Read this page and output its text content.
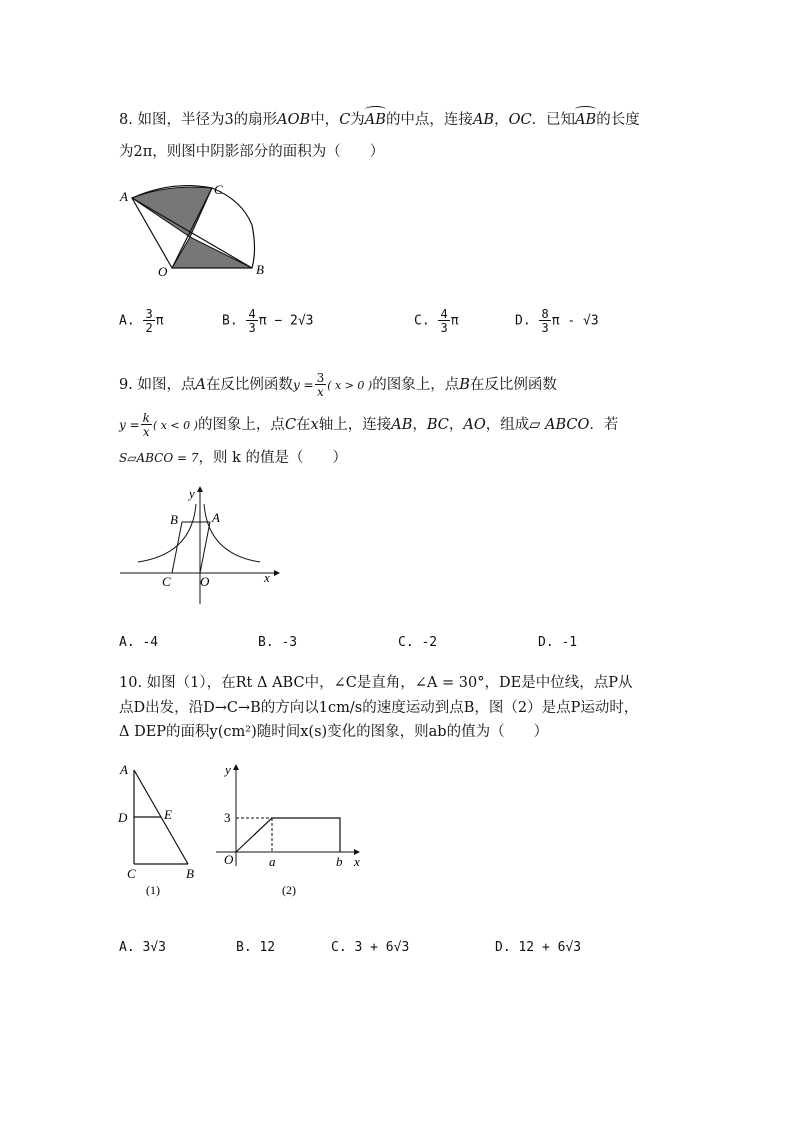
8. 如图，半径为3的扇形AOB中，C为
AB的中点，连接AB，OC．已知
AB的长度
为2π，则图中阴影部分的面积为（　　）
A	C
O	B
A. $\frac{3}{2}$ π	B. $\frac{4}{3}$ π − 2√3	C. $\frac{4}{3}$ π	D. $\frac{8}{3}$ π - √3
9. 如图，点A在反比例函数$y = \frac{3}{x}$ ( x > 0 )的图象上，点B在反比例函数
$y = \frac{k}{x}$ ( x < 0 )的图象上，点C在x轴上，连接AB，BC，AO，组成▱ ABCO．若
S▱ABCO = 7，则 k 的值是（　　）
y
B	A
C O	x
A. -4	B. -3	C. -2	D. -1
10. 如图（1），在Rt Δ ABC中，∠C是直角，∠A = 30°，DE是中位线，点P从
点D出发，沿D→C→B的方向以1cm/s的速度运动到点B，图（2）是点P运动时，
Δ DEP的面积y(cm²)随时间x(s)变化的图象，则ab的值为（　　）
A
D	E
C	B
(1)
y
3
O	a	b x
(2)
A. 3√3	B. 12	C. 3 + 6√3	D. 12 + 6√3
